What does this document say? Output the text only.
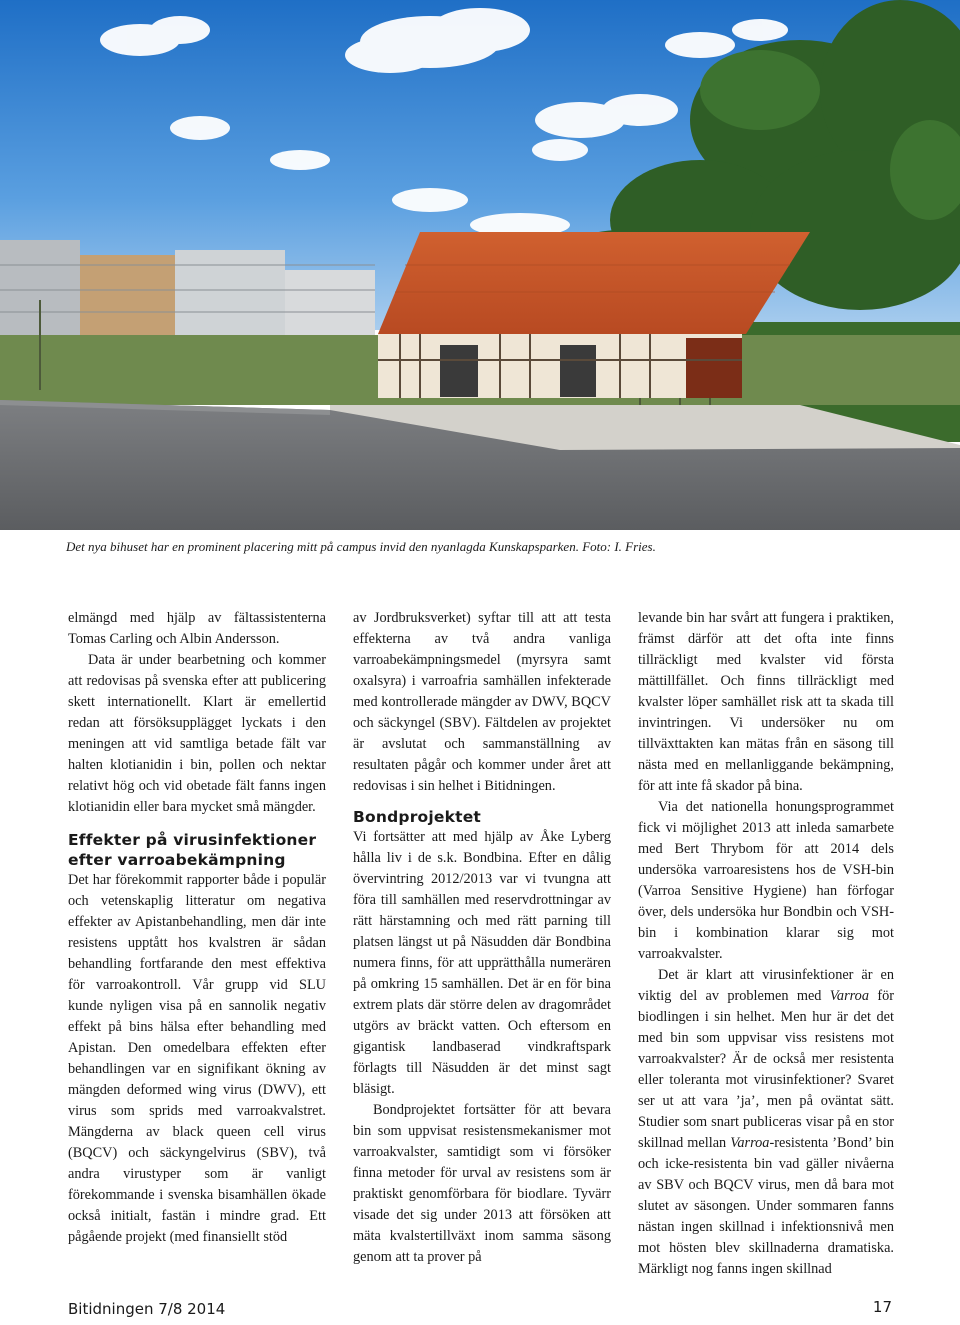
Det nya bihuset har en prominent placering mitt på campus invid den nyanlagda Kunskapsparken. Foto: I. Fries.

elmängd med hjälp av fältassistenterna Tomas Carling och Albin Andersson.

Data är under bearbetning och kommer att redovisas på svenska efter att publicering skett internationellt. Klart är emellertid redan att försöksupplägget lyckats i den meningen att vid samtliga betade fält var halten klotianidin i bin, pollen och nektar relativt hög och vid obetade fält fanns ingen klotianidin eller bara mycket små mängder.

Effekter på virusinfektioner efter varroabekämpning

Det har förekommit rapporter både i populär och vetenskaplig litteratur om negativa effekter av Apistanbehandling, men där inte resistens upptått hos kvalstren är sådan behandling fortfarande den mest effektiva för varroakontroll. Vår grupp vid SLU kunde nyligen visa på en sannolik negativ effekt på bins hälsa efter behandling med Apistan. Den omedelbara effekten efter behandlingen var en signifikant ökning av mängden deformed wing virus (DWV), ett virus som sprids med varroakvalstret. Mängderna av black queen cell virus (BQCV) och säckyngelvirus (SBV), två andra virustyper som är vanligt förekommande i svenska bisamhällen ökade också initialt, fastän i mindre grad. Ett pågående projekt (med finansiellt stöd

av Jordbruksverket) syftar till att att testa effekterna av två andra vanliga varroabekämpningsmedel (myrsyra samt oxalsyra) i varroafria samhällen infekterade med kontrollerade mängder av DWV, BQCV och säckyngel (SBV). Fältdelen av projektet är avslutat och sammanställning av resultaten pågår och kommer under året att redovisas i sin helhet i Bitidningen.

Bondprojektet

Vi fortsätter att med hjälp av Åke Lyberg hålla liv i de s.k. Bondbina. Efter en dålig övervintring 2012/2013 var vi tvungna att föra till samhällen med reservdrottningar av rätt härstamning och med rätt parning till platsen längst ut på Näsudden där Bondbina numera finns, för att upprätthålla numerären på omkring 15 samhällen. Det är en för bina extrem plats där större delen av dragområdet utgörs av bräckt vatten. Och eftersom en gigantisk landbaserad vindkraftspark förlagts till Näsudden är det minst sagt bläsigt.

Bondprojektet fortsätter för att bevara bin som uppvisat resistensmekanismer mot varroakvalster, samtidigt som vi försöker finna metoder för urval av resistens som är praktiskt genomförbara för biodlare. Tyvärr visade det sig under 2013 att försöken att mäta kvalstertillväxt inom samma säsong genom att ta prover på

levande bin har svårt att fungera i praktiken, främst därför att det ofta inte finns tillräckligt med kvalster vid första mättillfället. Och finns tillräckligt med kvalster löper samhället risk att ta skada till invintringen. Vi undersöker nu om tillväxttakten kan mätas från en säsong till nästa med en mellanliggande bekämpning, för att inte få skador på bina.

Via det nationella honungsprogrammet fick vi möjlighet 2013 att inleda samarbete med Bert Thrybom för att 2014 dels undersöka varroaresistens hos de VSH-bin (Varroa Sensitive Hygiene) han förfogar över, dels undersöka hur Bondbin och VSH-bin i kombination klarar sig mot varroakvalster.

Det är klart att virusinfektioner är en viktig del av problemen med Varroa för biodlingen i sin helhet. Men hur är det det med bin som uppvisar viss resistens mot varroakvalster? Är de också mer resistenta eller toleranta mot virusinfektioner? Svaret ser ut att vara ’ja’, men på oväntat sätt. Studier som snart publiceras visar på en stor skillnad mellan Varroa-resistenta ’Bond’ bin och icke-resistenta bin vad gäller nivåerna av SBV och BQCV virus, men då bara mot slutet av säsongen. Under sommaren fanns nästan ingen skillnad i infektionsnivå men mot hösten blev skillnaderna dramatiska. Märkligt nog fanns ingen skillnad

Bitidningen 7/8 2014	17
